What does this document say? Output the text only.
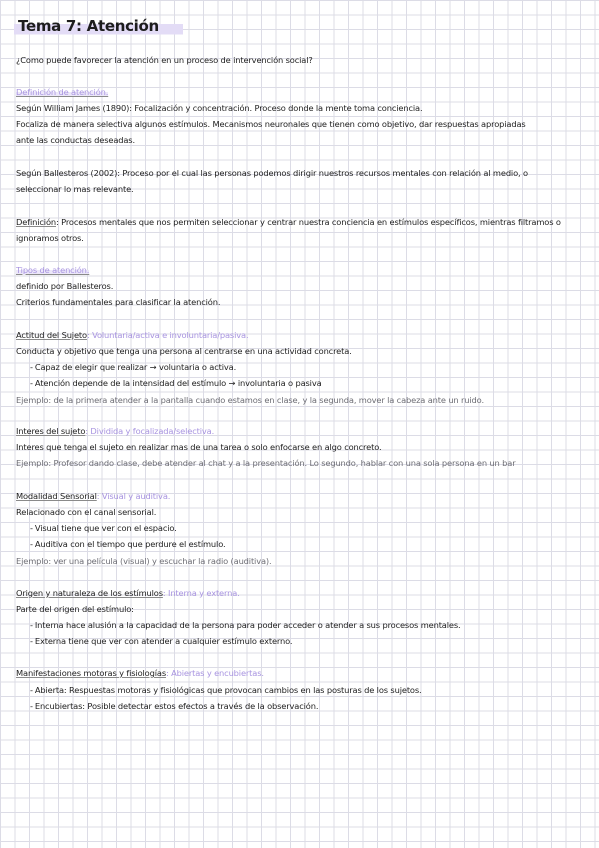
Tema 7: Atención
¿Como puede favorecer la atención en un proceso de intervención social?
Definición de atención.
Según William James (1890): Focalización y concentración. Proceso donde la mente toma conciencia.
Focaliza de manera selectiva algunos estímulos. Mecanismos neuronales que tienen como objetivo, dar respuestas apropiadas
ante las conductas deseadas.
Según Ballesteros (2002): Proceso por el cual las personas podemos dirigir nuestros recursos mentales con relación al medio, o
seleccionar lo mas relevante.
Definición: Procesos mentales que nos permiten seleccionar y centrar nuestra conciencia en estímulos específicos, mientras filtramos o
ignoramos otros.
Tipos de atención.
definido por Ballesteros.
Criterios fundamentales para clasificar la atención.
Actitud del Sujeto: Voluntaria/activa e involuntaria/pasiva.
Conducta y objetivo que tenga una persona al centrarse en una actividad concreta.
- Capaz de elegir que realizar → voluntaria o activa.
- Atención depende de la intensidad del estímulo → involuntaria o pasiva
Ejemplo: de la primera atender a la pantalla cuando estamos en clase, y la segunda, mover la cabeza ante un ruido.
Interes del sujeto: Dividida y focalizada/selectiva.
Interes que tenga el sujeto en realizar mas de una tarea o solo enfocarse en algo concreto.
Ejemplo: Profesor dando clase, debe atender al chat y a la presentación. Lo segundo, hablar con una sola persona en un bar
Modalidad Sensorial: Visual y auditiva.
Relacionado con el canal sensorial.
- Visual tiene que ver con el espacio.
- Auditiva con el tiempo que perdure el estímulo.
Ejemplo: ver una película (visual) y escuchar la radio (auditiva).
Origen y naturaleza de los estímulos: Interna y externa.
Parte del origen del estímulo:
- Interna hace alusión a la capacidad de la persona para poder acceder o atender a sus procesos mentales.
- Externa tiene que ver con atender a cualquier estímulo externo.
Manifestaciones motoras y fisiologías: Abiertas y encubiertas.
- Abierta: Respuestas motoras y fisiológicas que provocan cambios en las posturas de los sujetos.
- Encubiertas: Posible detectar estos efectos a través de la observación.
